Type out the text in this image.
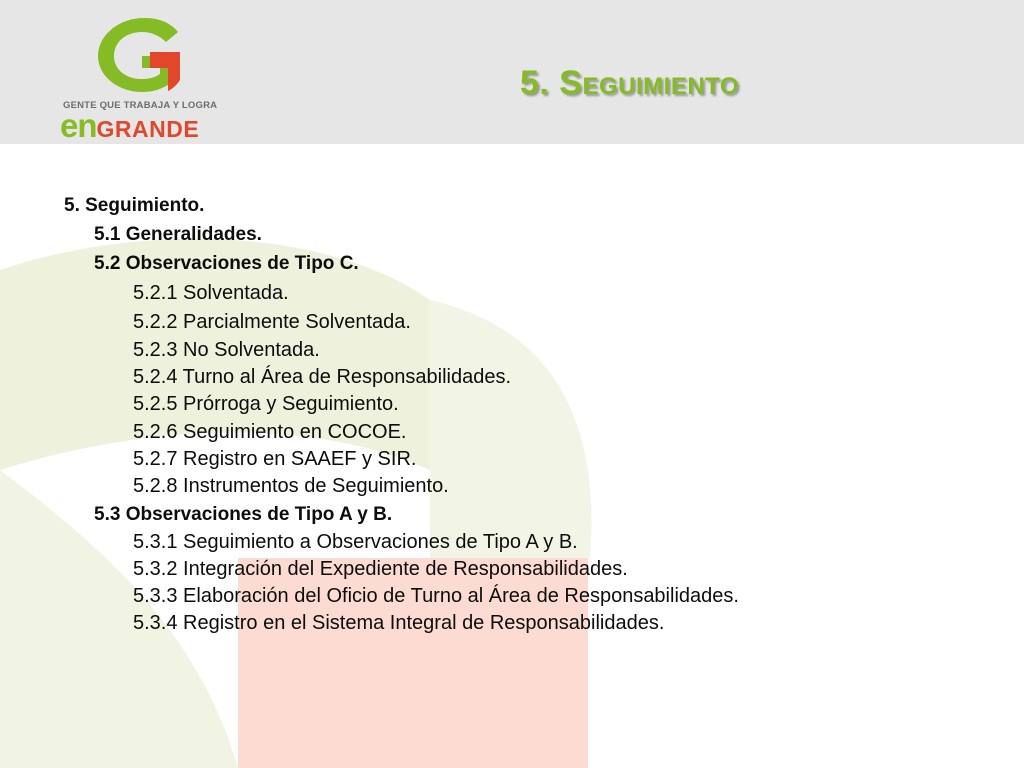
GENTE QUE TRABAJA Y LOGRA
enGRANDE
5. Seguimiento
5. Seguimiento.
5.1 Generalidades.
5.2 Observaciones de Tipo C.
5.2.1 Solventada.
5.2.2 Parcialmente Solventada.
5.2.3 No Solventada.
5.2.4 Turno al Área de Responsabilidades.
5.2.5 Prórroga y Seguimiento.
5.2.6 Seguimiento en COCOE.
5.2.7 Registro en SAAEF y SIR.
5.2.8 Instrumentos de Seguimiento.
5.3 Observaciones de Tipo A y B.
5.3.1 Seguimiento a Observaciones de Tipo A y B.
5.3.2 Integración del Expediente de Responsabilidades.
5.3.3 Elaboración del Oficio de Turno al Área de Responsabilidades.
5.3.4 Registro en el Sistema Integral de Responsabilidades.
